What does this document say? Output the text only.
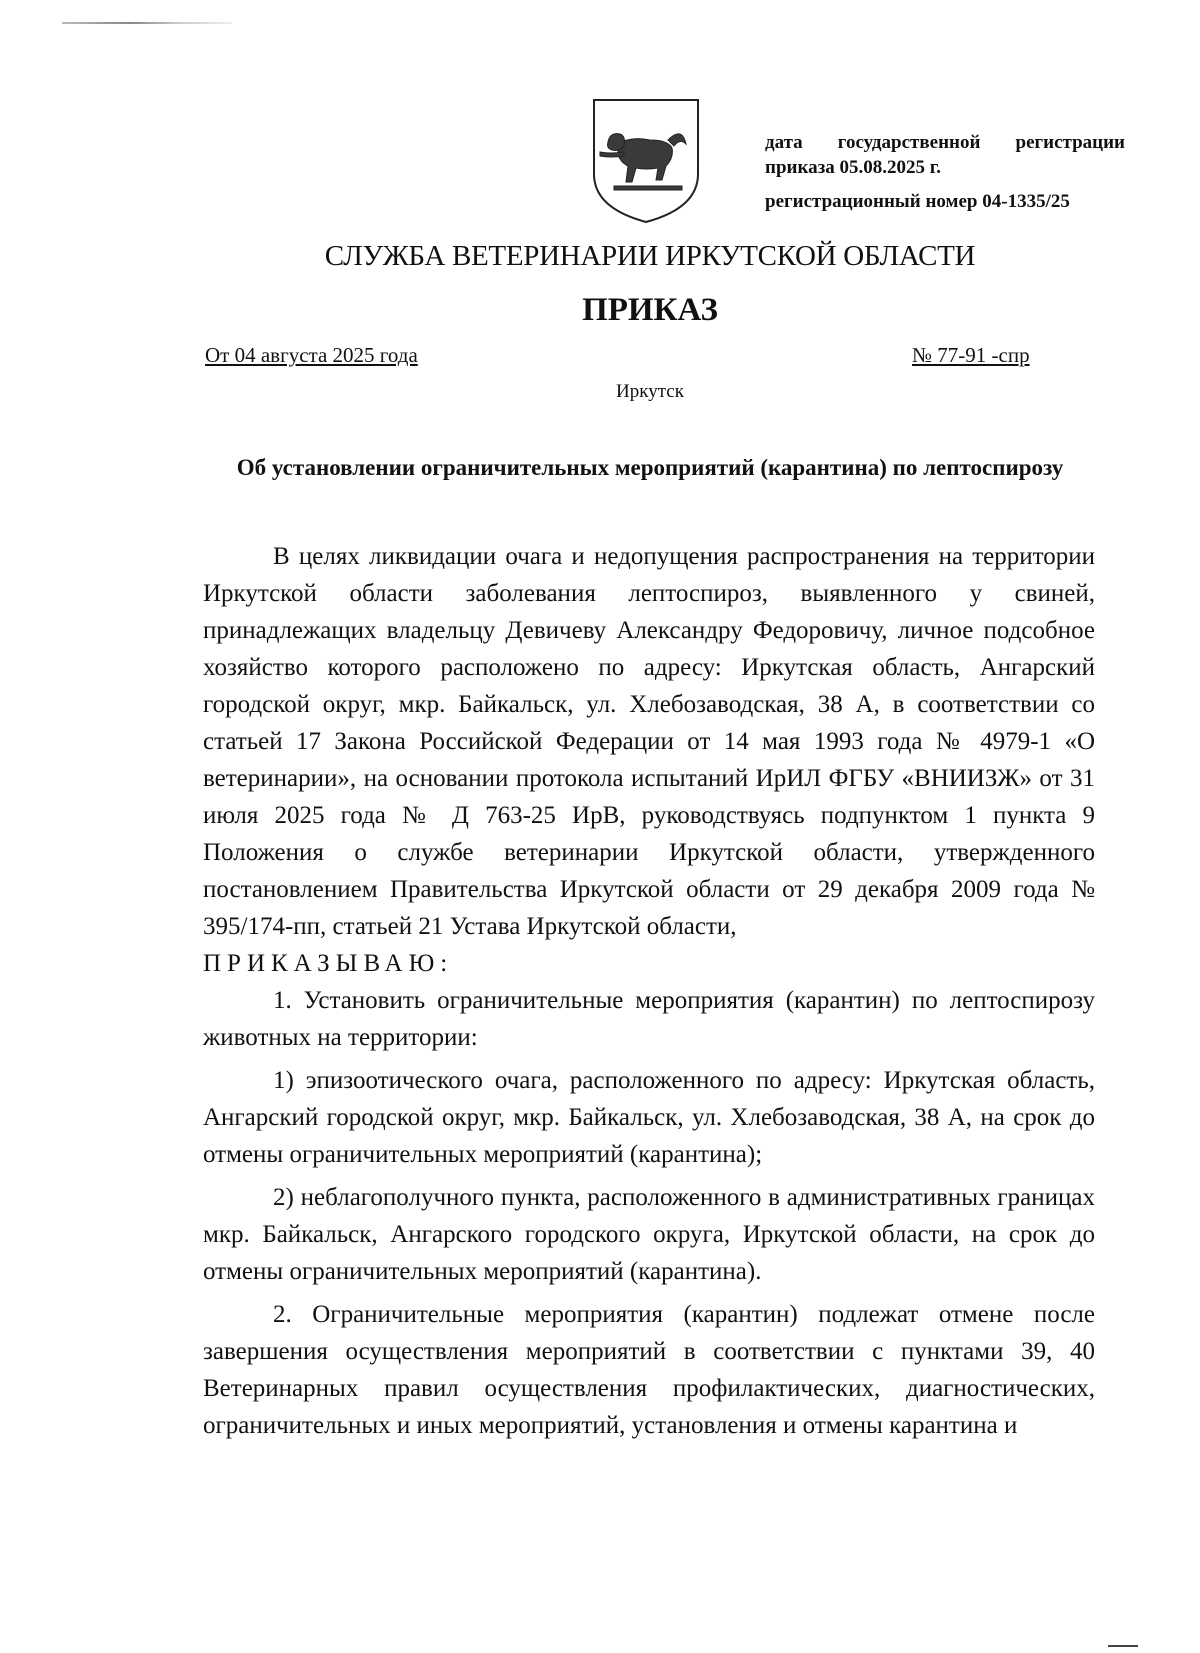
дата государственной регистрации
приказа 05.08.2025 г.
регистрационный номер 04-1335/25
СЛУЖБА ВЕТЕРИНАРИИ ИРКУТСКОЙ ОБЛАСТИ
ПРИКАЗ
От 04 августа 2025 года	№ 77-91 -спр
Иркутск
Об установлении ограничительных мероприятий (карантина) по лептоспирозу

В целях ликвидации очага и недопущения распространения на территории Иркутской области заболевания лептоспироз, выявленного у свиней, принадлежащих владельцу Девичеву Александру Федоровичу, личное подсобное хозяйство которого расположено по адресу: Иркутская область, Ангарский городской округ, мкр. Байкальск, ул. Хлебозаводская, 38 А, в соответствии со статьей 17 Закона Российской Федерации от 14 мая 1993 года № 4979-1 «О ветеринарии», на основании протокола испытаний ИрИЛ ФГБУ «ВНИИЗЖ» от 31 июля 2025 года № Д 763-25 ИрВ, руководствуясь подпунктом 1 пункта 9 Положения о службе ветеринарии Иркутской области, утвержденного постановлением Правительства Иркутской области от 29 декабря 2009 года № 395/174-пп, статьей 21 Устава Иркутской области,

ПРИКАЗЫВАЮ:

1. Установить ограничительные мероприятия (карантин) по лептоспирозу животных на территории:

1) эпизоотического очага, расположенного по адресу: Иркутская область, Ангарский городской округ, мкр. Байкальск, ул. Хлебозаводская, 38 А, на срок до отмены ограничительных мероприятий (карантина);

2) неблагополучного пункта, расположенного в административных границах мкр. Байкальск, Ангарского городского округа, Иркутской области, на срок до отмены ограничительных мероприятий (карантина).

2. Ограничительные мероприятия (карантин) подлежат отмене после завершения осуществления мероприятий в соответствии с пунктами 39, 40 Ветеринарных правил осуществления профилактических, диагностических, ограничительных и иных мероприятий, установления и отмены карантина и
